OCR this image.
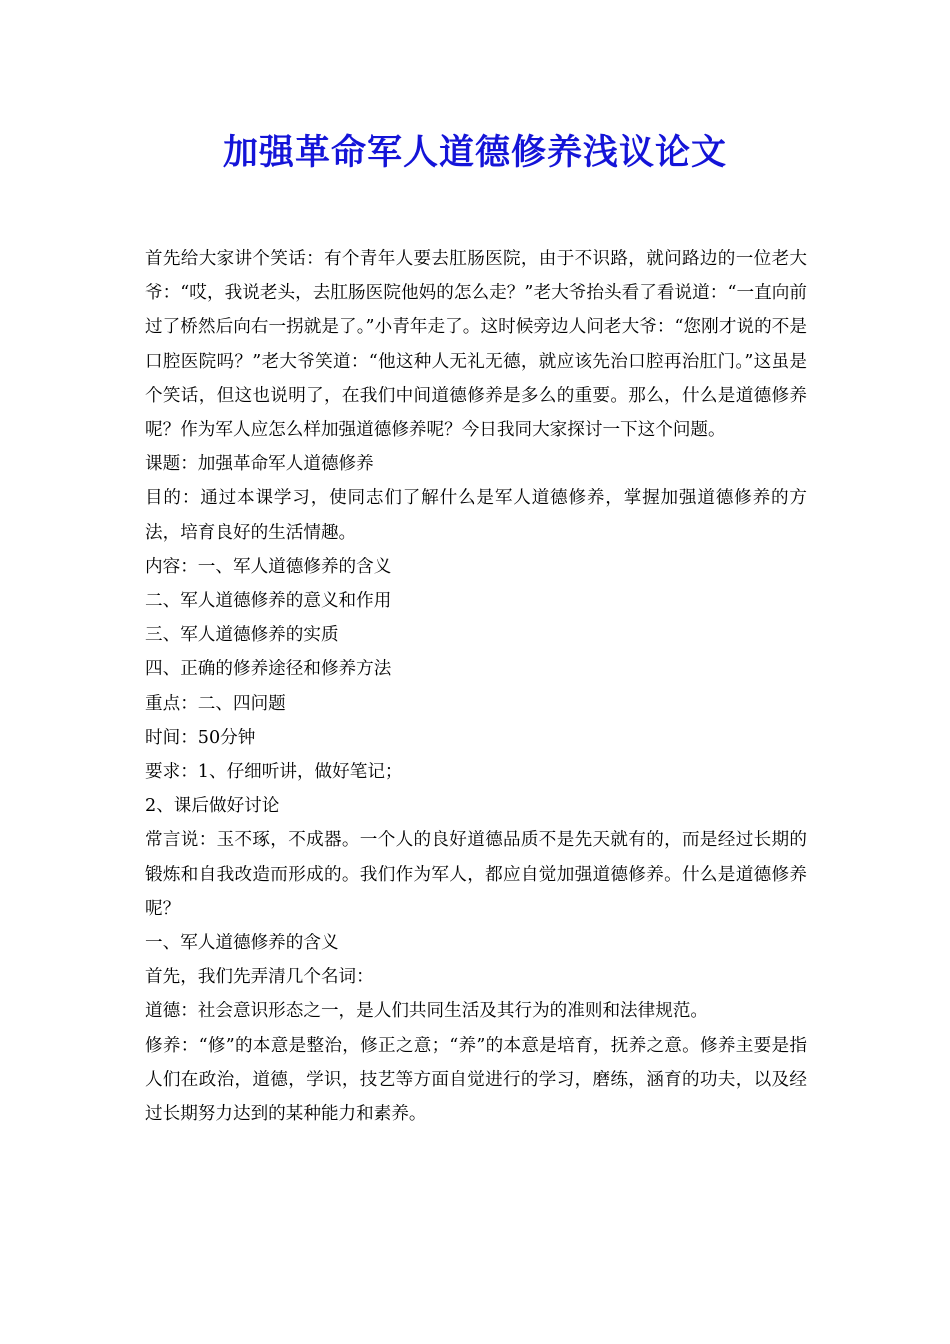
加强革命军人道德修养浅议论文

首先给大家讲个笑话：有个青年人要去肛肠医院，由于不识路，就问路边的一位老大爷：“哎，我说老头，去肛肠医院他妈的怎么走？”老大爷抬头看了看说道：“一直向前过了桥然后向右一拐就是了。”小青年走了。这时候旁边人问老大爷：“您刚才说的不是口腔医院吗？”老大爷笑道：“他这种人无礼无德，就应该先治口腔再治肛门。”这虽是个笑话，但这也说明了，在我们中间道德修养是多么的重要。那么，什么是道德修养呢？作为军人应怎么样加强道德修养呢？今日我同大家探讨一下这个问题。

课题：加强革命军人道德修养

目的：通过本课学习，使同志们了解什么是军人道德修养，掌握加强道德修养的方法，培育良好的生活情趣。

内容：一、军人道德修养的含义

二、军人道德修养的意义和作用

三、军人道德修养的实质

四、正确的修养途径和修养方法

重点：二、四问题

时间：50分钟

要求：1、仔细听讲，做好笔记；

2、课后做好讨论

常言说：玉不琢，不成器。一个人的良好道德品质不是先天就有的，而是经过长期的锻炼和自我改造而形成的。我们作为军人，都应自觉加强道德修养。什么是道德修养呢？

一、军人道德修养的含义

首先，我们先弄清几个名词：

道德：社会意识形态之一，是人们共同生活及其行为的准则和法律规范。

修养：“修”的本意是整治，修正之意；“养”的本意是培育，抚养之意。修养主要是指人们在政治，道德，学识，技艺等方面自觉进行的学习，磨练，涵育的功夫，以及经过长期努力达到的某种能力和素养。
